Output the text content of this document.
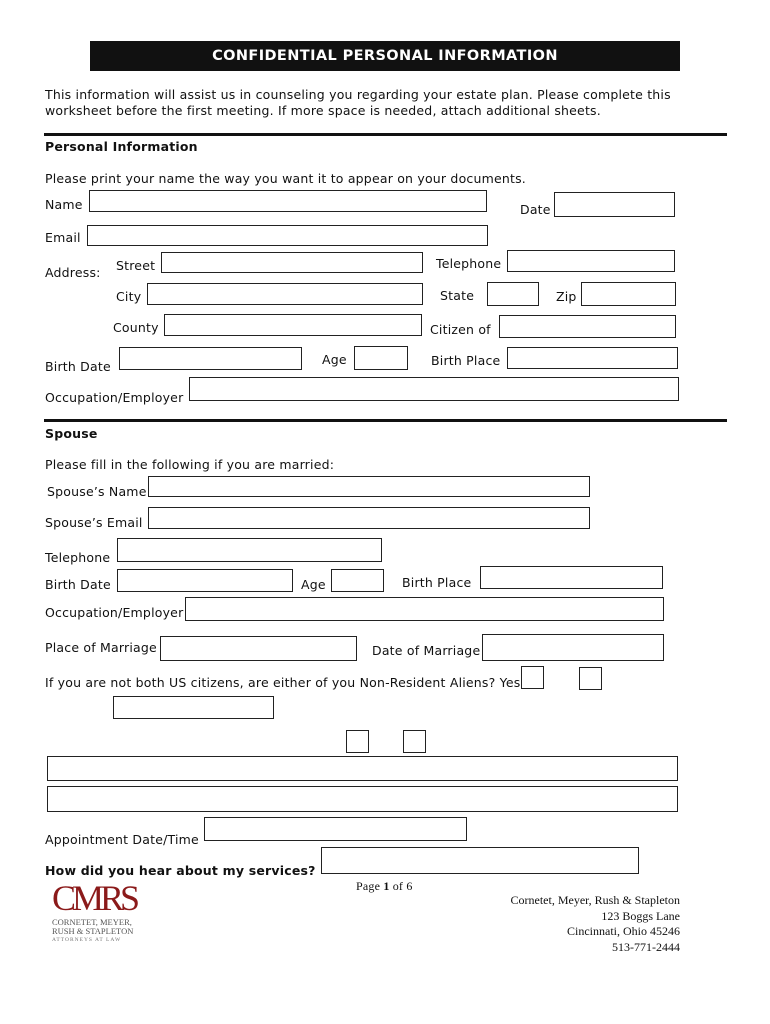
CONFIDENTIAL PERSONAL INFORMATION
This information will assist us in counseling you regarding your estate plan. Please complete this
worksheet before the first meeting. If more space is needed, attach additional sheets.
Personal Information
Please print your name the way you want it to appear on your documents.
Name	Date
Email
Address: Street	Telephone
City	State	Zip
County	Citizen of
Birth Date	Age	Birth Place
Occupation/Employer
Spouse
Please fill in the following if you are married:
Spouse’s Name
Spouse’s Email
Telephone
Birth Date	Age	Birth Place
Occupation/Employer
Place of Marriage	Date of Marriage
If you are not both US citizens, are either of you Non-Resident Aliens? Yes
Appointment Date/Time
How did you hear about my services?
Page 1 of 6
CMRS
CORNETET, MEYER,
RUSH & STAPLETON
ATTORNEYS AT LAW
Cornetet, Meyer, Rush & Stapleton
123 Boggs Lane
Cincinnati, Ohio 45246
513-771-2444
